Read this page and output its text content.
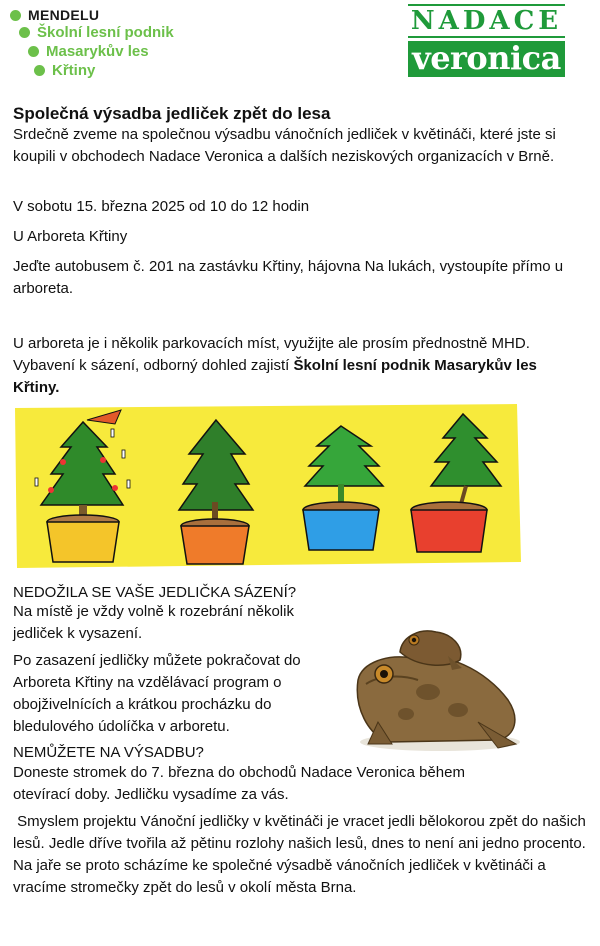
MENDELU
Školní lesní podnik
Masarykův les
Křtiny
NADACE
veronica
Společná výsadba jedliček zpět do lesa

Srdečně zveme na společnou výsadbu vánočních jedliček v květináči, které jste si koupili v obchodech Nadace Veronica a dalších neziskových organizacích v Brně.

V sobotu 15. března 2025 od 10 do 12 hodin

U Arboreta Křtiny

Jeďte autobusem č. 201 na zastávku Křtiny, hájovna Na lukách, vystoupíte přímo u arboreta.

U arboreta je i několik parkovacích míst, využijte ale prosím přednostně MHD. Vybavení k sázení, odborný dohled zajistí Školní lesní podnik Masarykův les Křtiny.

NEDOŽILA SE VAŠE JEDLIČKA SÁZENÍ?

Na místě je vždy volně k rozebrání několik jedliček k vysazení.

Po zasazení jedličky můžete pokračovat do Arboreta Křtiny na vzdělávací program o obojživelnících a krátkou procházku do bledulového údolíčka v arboretu.

NEMŮŽETE NA VÝSADBU?

Doneste stromek do 7. března do obchodů Nadace Veronica během otevírací doby. Jedličku vysadíme za vás.

Smyslem projektu Vánoční jedličky v květináči je vracet jedli bělokorou zpět do našich lesů. Jedle dříve tvořila až pětinu rozlohy našich lesů, dnes to není ani jedno procento. Na jaře se proto scházíme ke společné výsadbě vánočních jedliček v květináči a vracíme stromečky zpět do lesů v okolí města Brna.
